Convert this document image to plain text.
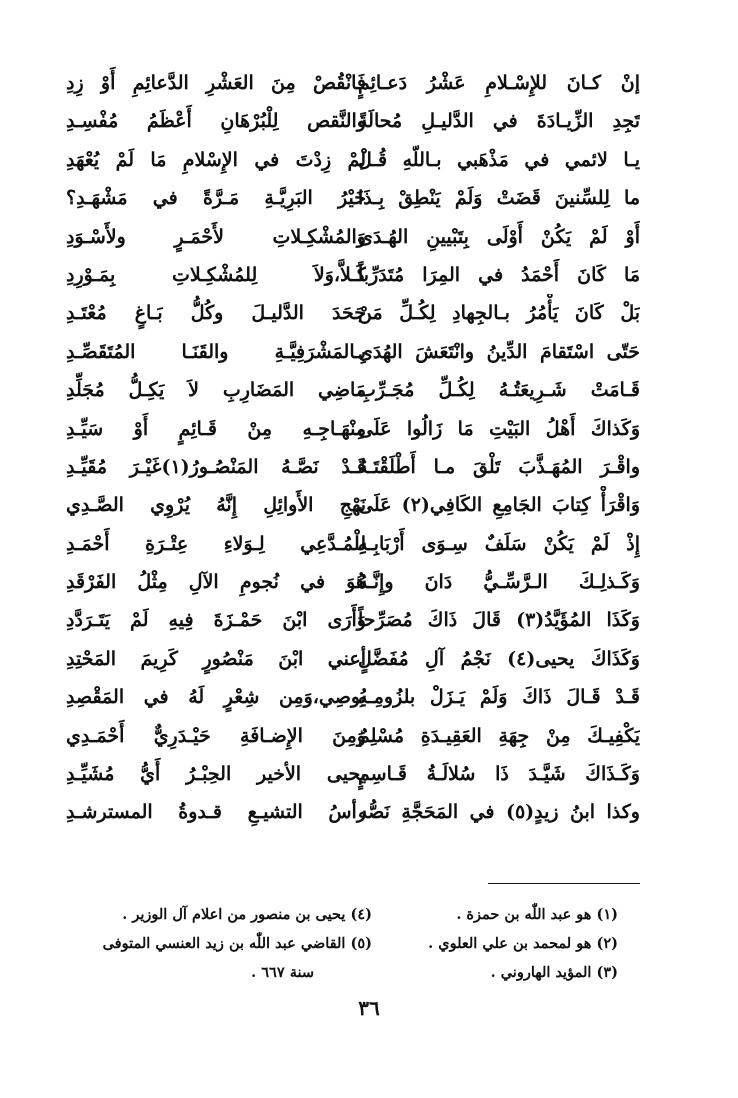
إنْ كـانَ للإِسْـلامِ عَشْرُ دَعـائِمٍ
تَجِدِ الزِّيـادَةَ في الدَّليـلِ مُحالَةً
يـا لائمي في مَذْهَبي بـاللّهِ قُـلْ
ما لِلسِّنينَ قَضَتْ وَلَمْ يَنْطِقْ بِـذَا
أَوْ لَمْ يَكُنْ أَوْلَى بِتَبْيينِ الهُـدَى
مَا كَانَ أَحْمَدُ في المِرَا مُتَدَرِّباً
بَلْ كَانَ يَأْمُرُ بـالجِهادِ لِكُـلِّ مَنْ
حَتّى اسْتَقامَ الدِّينُ وانْتَعَشَ الهُدَى
قَـامَتْ شَـرِيعَتُـهُ لِكُـلِّ مُجَـرِّبِ
وَكَذاكَ أَهْلُ البَيْتِ مَا زَالُوا عَلَى
واقْـرَ المُهَـذَّبَ تَلْقَ مـا أَطْلَقْتَـهُ
وَاقْرَأْ كِتابَ الجَامِعِ الكَافِي(٢) عَلَى
إِذْ لَمْ يَكُنْ سَلَفٌ سِـوَى أَرْبَابِـهِ
وَكَـذلِـكَ الـرَّسِّـيُّ دَانَ وإِنَّـهُ
وَكَذَا المُؤَيَّدُ(٣) قَالَ ذَاكَ مُصَرِّحاً
وَكَذَاكَ يحيى(٤) نَجْمُ آلِ مُفَضَّلٍ
قَـدْ قَـالَ ذَاكَ وَلَمْ يَـزَلْ بلزُومِـهِ
يَكْفِيـكَ مِنْ جِهَةِ العَقِيـدَةِ مُسْلِمٌ
وَكَـذَاكَ شَيَّـدَ ذَا سُلالَـةُ قَـاسِمٍ
وكذا ابنُ زيدٍ(٥) في المَحَجَّةِ نَصُّه
فَانْقُصْ مِنَ العَشْرِ الدَّعائِمِ أَوْ زِدِ
والنَّقص لِلْبُرْهَانِ أَعْظَمُ مُفْسِـدِ
لِمْ زِدْتَ في الإِسْلامِ مَا لَمْ يُعْهَدِ
خَيْرُ البَرِيَّـةِ مَـرَّةً في مَشْهَـدِ؟
وَالمُشْكِـلاتِ لأَحْمَـرٍ ولأَسْـوَدِ
كَـلاَّ،وَلاَ لِلمُشْكِـلاتِ بِمَـوْرِدِ
جَحَدَ الدَّليـلَ وكُلُّ بَـاغٍ مُعْتَـدِ
بِـالمَشْرَفِيَّـةِ والقَنَـا المُتَقَصِّـدِ
مَاضِي المَضَارِبِ لاَ يَكِـلُّ مُجَلِّدِ
مِنْهَـاجِـهِ مِنْ قَـائِمٍ أَوْ سَيِّـدِ
قَـدْ نَصَّـهُ المَنْصُـورُ(١)غَيْـرَ مُقَيِّـدِ
نَهْجِ الأَوائِلِ إِنَّهُ يُرْوِي الصَّـدِي
لِلْمُـدَّعِي لِـوَلاءِ عِتْـرَةِ أَحْمَـدِ
هُوَ في نُجومِ الآلِ مِثْلُ الفَرْقَدِ
وَأَرَى ابْنَ حَمْـزَةَ فِيهِ لَمْ يَتَـرَدَّدِ
أعني ابْنَ مَنْصُورٍ كَرِيمَ المَحْتِدِ
يُوصِي،وَمِن شِعْرٍ لَهُ في المَقْصِدِ
وَمِنَ الإِضـافَةِ حَيْـدَرِيٌّ أَحْمَـدِي
يحيى الأخير الحِبْـرُ أَيُّ مُشَيِّـدِ
رأسُ التشيـعِ قـدوةُ المسترشـدِ
(١) هو عبد اللّٰه بن حمزة .
(٢) هو لمحمد بن علي العلوي .
(٣) المؤيد الهاروني .
(٤) يحيى بن منصور من اعلام آل الوزير .
(٥) القاضي عبد اللّٰه بن زيد العنسي المتوفى
سنة ٦٦٧ .
٣٦
